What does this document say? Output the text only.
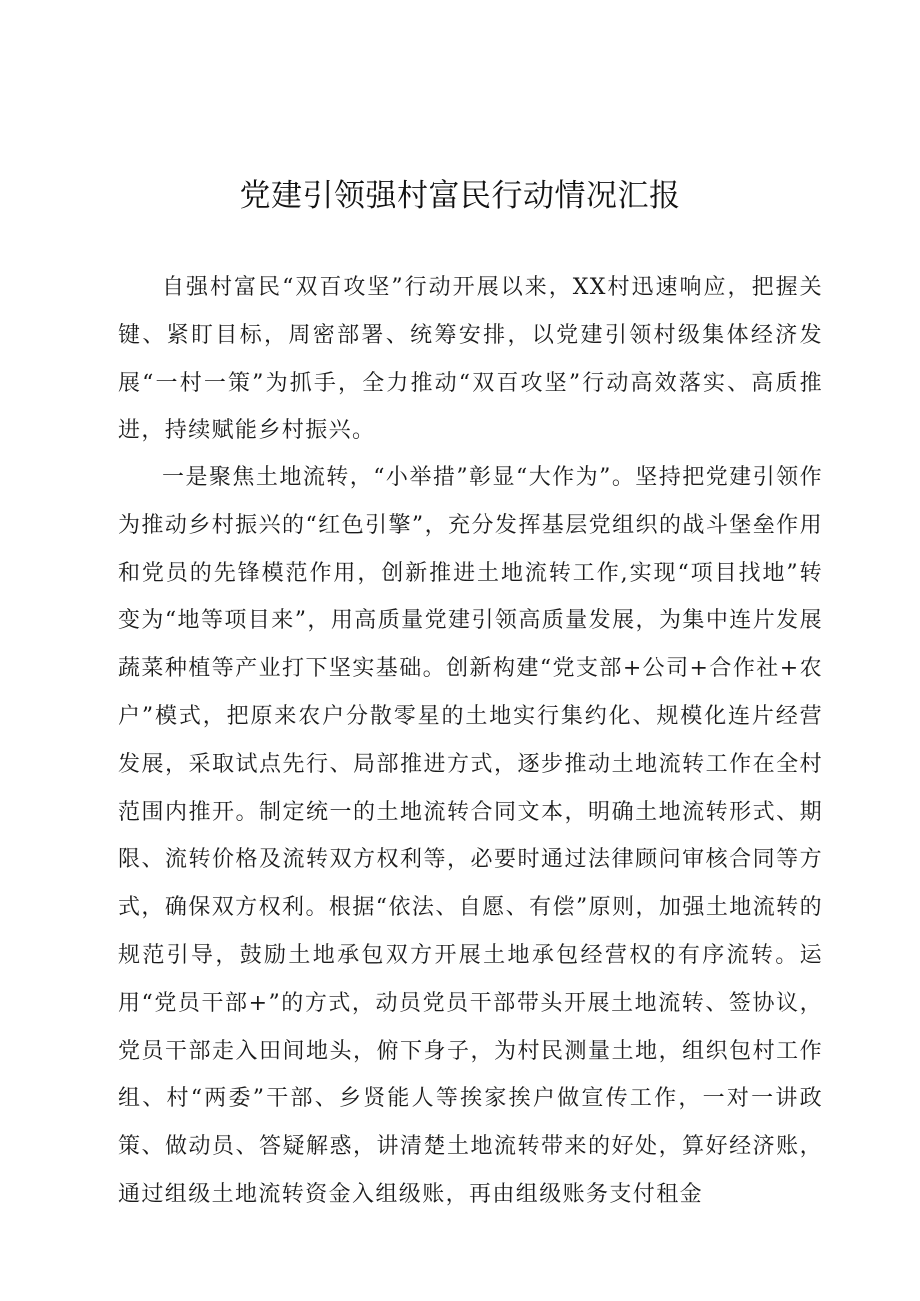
党建引领强村富民行动情况汇报

自强村富民“双百攻坚”行动开展以来，XX村迅速响应，把握关键、紧盯目标，周密部署、统筹安排，以党建引领村级集体经济发展“一村一策”为抓手，全力推动“双百攻坚”行动高效落实、高质推进，持续赋能乡村振兴。

一是聚焦土地流转，“小举措”彰显“大作为”。坚持把党建引领作为推动乡村振兴的“红色引擎”，充分发挥基层党组织的战斗堡垒作用和党员的先锋模范作用，创新推进土地流转工作,实现“项目找地”转变为“地等项目来”，用高质量党建引领高质量发展，为集中连片发展蔬菜种植等产业打下坚实基础。创新构建“党支部+公司+合作社+农户”模式，把原来农户分散零星的土地实行集约化、规模化连片经营发展，采取试点先行、局部推进方式，逐步推动土地流转工作在全村范围内推开。制定统一的土地流转合同文本，明确土地流转形式、期限、流转价格及流转双方权利等，必要时通过法律顾问审核合同等方式，确保双方权利。根据“依法、自愿、有偿”原则，加强土地流转的规范引导，鼓励土地承包双方开展土地承包经营权的有序流转。运用“党员干部+”的方式，动员党员干部带头开展土地流转、签协议，党员干部走入田间地头，俯下身子，为村民测量土地，组织包村工作组、村“两委”干部、乡贤能人等挨家挨户做宣传工作，一对一讲政策、做动员、答疑解惑，讲清楚土地流转带来的好处，算好经济账，通过组级土地流转资金入组级账，再由组级账务支付租金
